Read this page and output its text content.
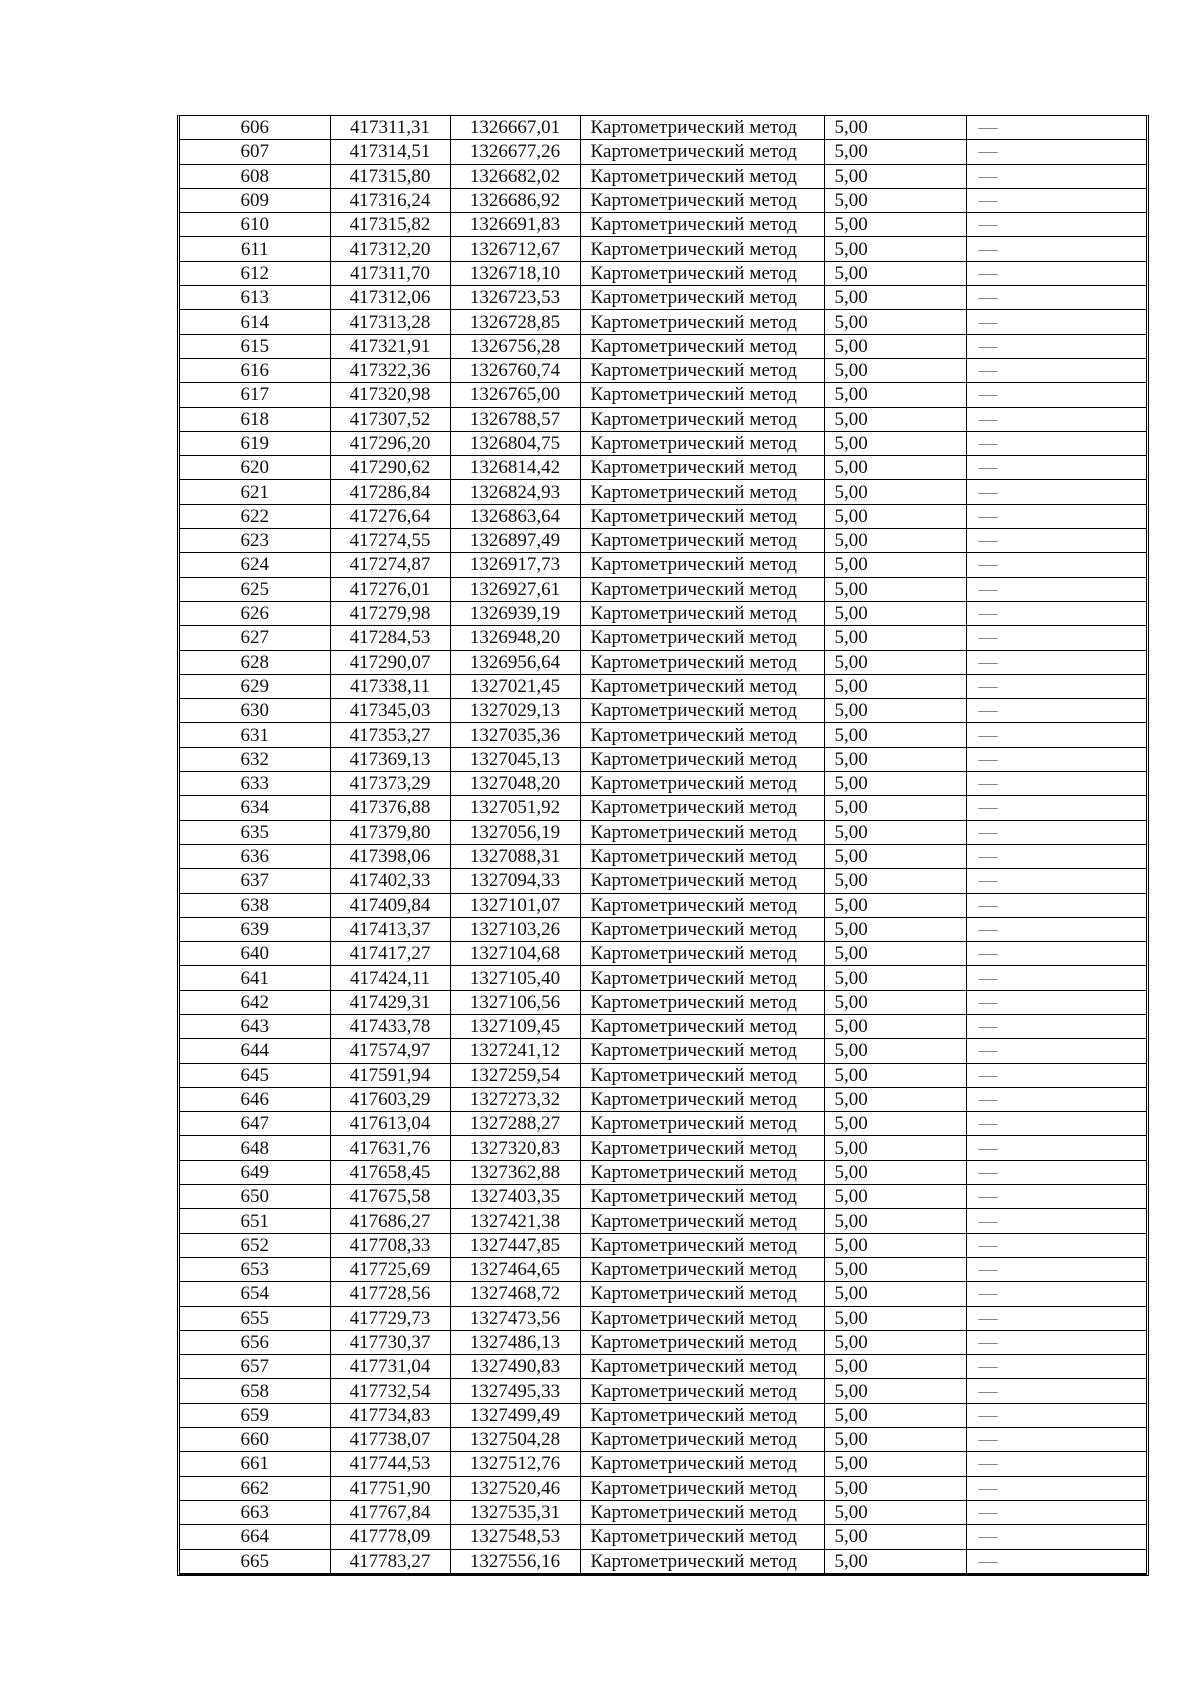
606	417311,31	1326667,01	Картометрический метод	5,00	—
607	417314,51	1326677,26	Картометрический метод	5,00	—
608	417315,80	1326682,02	Картометрический метод	5,00	—
609	417316,24	1326686,92	Картометрический метод	5,00	—
610	417315,82	1326691,83	Картометрический метод	5,00	—
611	417312,20	1326712,67	Картометрический метод	5,00	—
612	417311,70	1326718,10	Картометрический метод	5,00	—
613	417312,06	1326723,53	Картометрический метод	5,00	—
614	417313,28	1326728,85	Картометрический метод	5,00	—
615	417321,91	1326756,28	Картометрический метод	5,00	—
616	417322,36	1326760,74	Картометрический метод	5,00	—
617	417320,98	1326765,00	Картометрический метод	5,00	—
618	417307,52	1326788,57	Картометрический метод	5,00	—
619	417296,20	1326804,75	Картометрический метод	5,00	—
620	417290,62	1326814,42	Картометрический метод	5,00	—
621	417286,84	1326824,93	Картометрический метод	5,00	—
622	417276,64	1326863,64	Картометрический метод	5,00	—
623	417274,55	1326897,49	Картометрический метод	5,00	—
624	417274,87	1326917,73	Картометрический метод	5,00	—
625	417276,01	1326927,61	Картометрический метод	5,00	—
626	417279,98	1326939,19	Картометрический метод	5,00	—
627	417284,53	1326948,20	Картометрический метод	5,00	—
628	417290,07	1326956,64	Картометрический метод	5,00	—
629	417338,11	1327021,45	Картометрический метод	5,00	—
630	417345,03	1327029,13	Картометрический метод	5,00	—
631	417353,27	1327035,36	Картометрический метод	5,00	—
632	417369,13	1327045,13	Картометрический метод	5,00	—
633	417373,29	1327048,20	Картометрический метод	5,00	—
634	417376,88	1327051,92	Картометрический метод	5,00	—
635	417379,80	1327056,19	Картометрический метод	5,00	—
636	417398,06	1327088,31	Картометрический метод	5,00	—
637	417402,33	1327094,33	Картометрический метод	5,00	—
638	417409,84	1327101,07	Картометрический метод	5,00	—
639	417413,37	1327103,26	Картометрический метод	5,00	—
640	417417,27	1327104,68	Картометрический метод	5,00	—
641	417424,11	1327105,40	Картометрический метод	5,00	—
642	417429,31	1327106,56	Картометрический метод	5,00	—
643	417433,78	1327109,45	Картометрический метод	5,00	—
644	417574,97	1327241,12	Картометрический метод	5,00	—
645	417591,94	1327259,54	Картометрический метод	5,00	—
646	417603,29	1327273,32	Картометрический метод	5,00	—
647	417613,04	1327288,27	Картометрический метод	5,00	—
648	417631,76	1327320,83	Картометрический метод	5,00	—
649	417658,45	1327362,88	Картометрический метод	5,00	—
650	417675,58	1327403,35	Картометрический метод	5,00	—
651	417686,27	1327421,38	Картометрический метод	5,00	—
652	417708,33	1327447,85	Картометрический метод	5,00	—
653	417725,69	1327464,65	Картометрический метод	5,00	—
654	417728,56	1327468,72	Картометрический метод	5,00	—
655	417729,73	1327473,56	Картометрический метод	5,00	—
656	417730,37	1327486,13	Картометрический метод	5,00	—
657	417731,04	1327490,83	Картометрический метод	5,00	—
658	417732,54	1327495,33	Картометрический метод	5,00	—
659	417734,83	1327499,49	Картометрический метод	5,00	—
660	417738,07	1327504,28	Картометрический метод	5,00	—
661	417744,53	1327512,76	Картометрический метод	5,00	—
662	417751,90	1327520,46	Картометрический метод	5,00	—
663	417767,84	1327535,31	Картометрический метод	5,00	—
664	417778,09	1327548,53	Картометрический метод	5,00	—
665	417783,27	1327556,16	Картометрический метод	5,00	—
